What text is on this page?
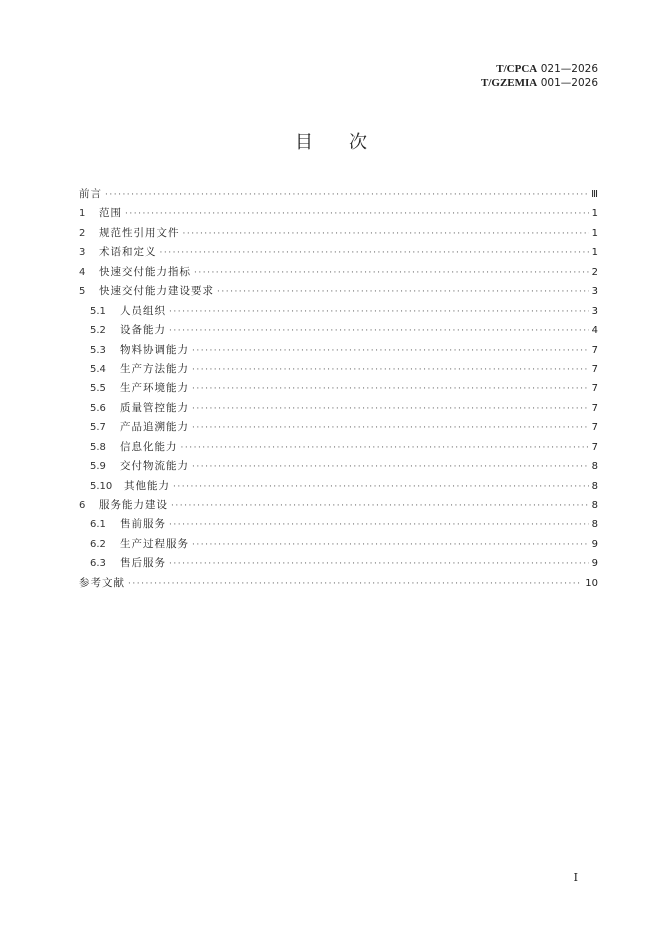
T/CPCA 021—2026
T/GZEMIA 001—2026
目 次
前言 ·····	Ⅲ
1	范围 ·····	1
2	规范性引用文件 ·····	1
3	术语和定义 ·····	1
4	快速交付能力指标 ·····	2
5	快速交付能力建设要求 ·····	3
5.1	人员组织 ·····	3
5.2	设备能力 ·····	4
5.3	物料协调能力 ·····	7
5.4	生产方法能力 ·····	7
5.5	生产环境能力 ·····	7
5.6	质量管控能力 ·····	7
5.7	产品追溯能力 ·····	7
5.8	信息化能力 ·····	7
5.9	交付物流能力 ·····	8
5.10	其他能力 ·····	8
6	服务能力建设 ·····	8
6.1	售前服务 ·····	8
6.2	生产过程服务 ·····	9
6.3	售后服务 ·····	9
参考文献 ·····	10
I
